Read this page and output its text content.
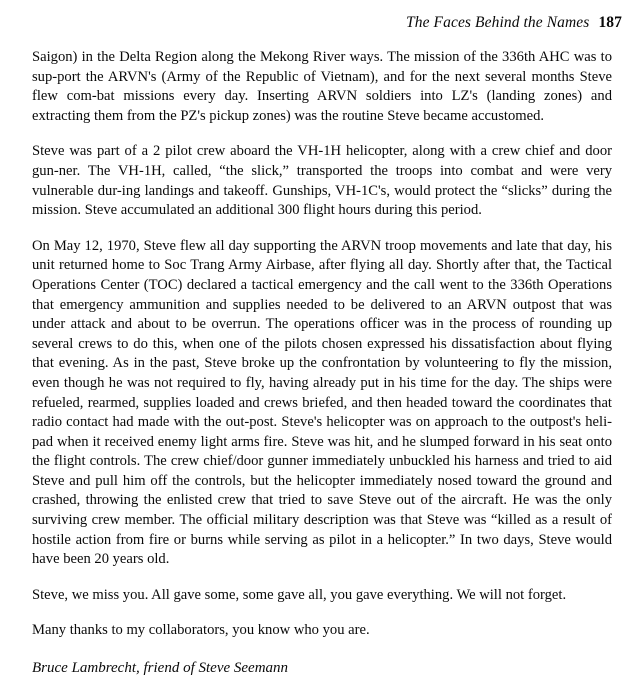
The Faces Behind the Names 187

Saigon) in the Delta Region along the Mekong River ways. The mission of the 336th AHC was to sup-port the ARVN's (Army of the Republic of Vietnam), and for the next several months Steve flew com-bat missions every day. Inserting ARVN soldiers into LZ's (landing zones) and extracting them from the PZ's pickup zones) was the routine Steve became accustomed.

Steve was part of a 2 pilot crew aboard the VH-1H helicopter, along with a crew chief and door gun-ner. The VH-1H, called, “the slick,” transported the troops into combat and were very vulnerable dur-ing landings and takeoff. Gunships, VH-1C's, would protect the “slicks” during the mission. Steve accumulated an additional 300 flight hours during this period.

On May 12, 1970, Steve flew all day supporting the ARVN troop movements and late that day, his unit returned home to Soc Trang Army Airbase, after flying all day. Shortly after that, the Tactical Operations Center (TOC) declared a tactical emergency and the call went to the 336th Operations that emergency ammunition and supplies needed to be delivered to an ARVN outpost that was under attack and about to be overrun. The operations officer was in the process of rounding up several crews to do this, when one of the pilots chosen expressed his dissatisfaction about flying that evening. As in the past, Steve broke up the confrontation by volunteering to fly the mission, even though he was not required to fly, having already put in his time for the day. The ships were refueled, rearmed, supplies loaded and crews briefed, and then headed toward the coordinates that radio contact had made with the out-post. Steve's helicopter was on approach to the outpost's heli-pad when it received enemy light arms fire. Steve was hit, and he slumped forward in his seat onto the flight controls. The crew chief/door gunner immediately unbuckled his harness and tried to aid Steve and pull him off the controls, but the helicopter immediately nosed toward the ground and crashed, throwing the enlisted crew that tried to save Steve out of the aircraft. He was the only surviving crew member. The official military description was that Steve was “killed as a result of hostile action from fire or burns while serving as pilot in a helicopter.” In two days, Steve would have been 20 years old.

Steve, we miss you. All gave some, some gave all, you gave everything. We will not forget.

Many thanks to my collaborators, you know who you are.

Bruce Lambrecht, friend of Steve Seemann
